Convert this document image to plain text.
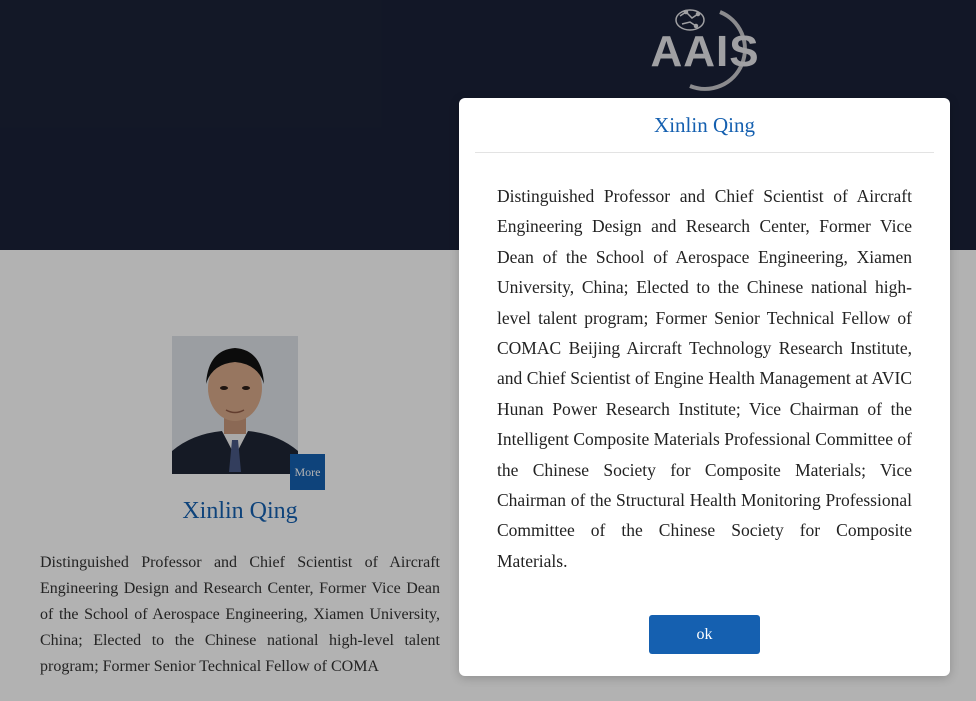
AAIS
More
Xinlin Qing
Distinguished Professor and Chief Scientist of Aircraft Engineering Design and Research Center, Former Vice Dean of the School of Aerospace Engineering, Xiamen University, China; Elected to the Chinese national high-level talent program; Former Senior Technical Fellow of COMA
Xinlin Qing
Distinguished Professor and Chief Scientist of Aircraft Engineering Design and Research Center, Former Vice Dean of the School of Aerospace Engineering, Xiamen University, China; Elected to the Chinese national high-level talent program; Former Senior Technical Fellow of COMAC Beijing Aircraft Technology Research Institute, and Chief Scientist of Engine Health Management at AVIC Hunan Power Research Institute; Vice Chairman of the Intelligent Composite Materials Professional Committee of the Chinese Society for Composite Materials; Vice Chairman of the Structural Health Monitoring Professional Committee of the Chinese Society for Composite Materials.
ok
